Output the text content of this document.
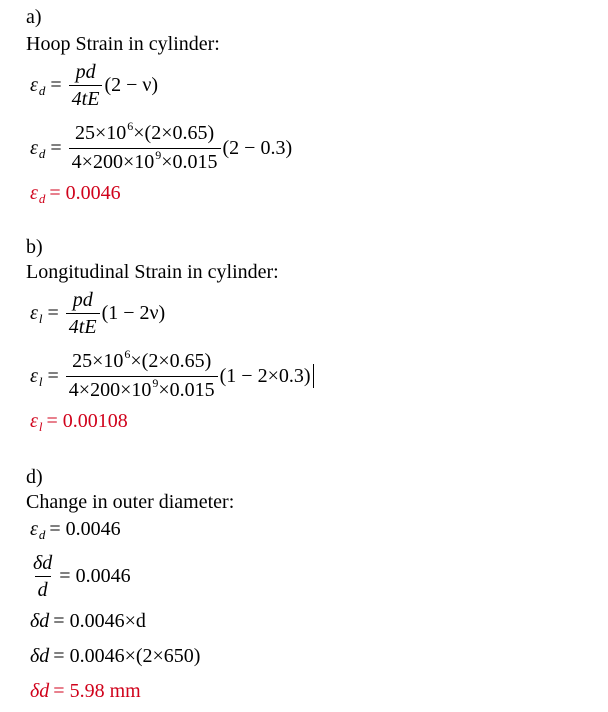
a)
Hoop Strain in cylinder:
ε $d = \frac{pd}{4tE} (2 - \nu)$
ε $d = \frac{25\times 10^6\times(2\times 0.65)}{4\times 200\times 10^9\times 0.015} (2 - 0.3)$
ε d = 0.0046
b)
Longitudinal Strain in cylinder:
ε $l = \frac{pd}{4tE} (1 - 2\nu)$
ε $l = \frac{25\times 10^6\times(2\times 0.65)}{4\times 200\times 10^9\times 0.015} (1 - 2\times 0.3)$
ε l = 0.00108
d)
Change in outer diameter:
ε d = 0.0046
$\frac{\delta d}{d} = 0.0046$
δd = 0.0046×d
δd = 0.0046×(2×650)
δd = 5.98 mm
